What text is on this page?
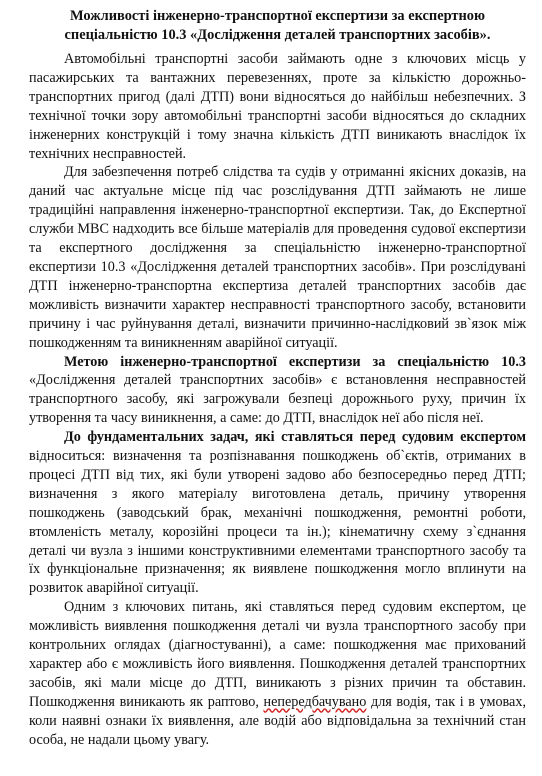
Можливості інженерно-транспортної експертизи за експертною спеціальністю 10.3 «Дослідження деталей транспортних засобів».

Автомобільні транспортні засоби займають одне з ключових місць у пасажирських та вантажних перевезеннях, проте за кількістю дорожньо-транспортних пригод (далі ДТП) вони відносяться до найбільш небезпечних. З технічної точки зору автомобільні транспортні засоби відносяться до складних інженерних конструкцій і тому значна кількість ДТП виникають внаслідок їх технічних несправностей.

Для забезпечення потреб слідства та судів у отриманні якісних доказів, на даний час актуальне місце під час розслідування ДТП займають не лише традиційні направлення інженерно-транспортної експертизи. Так, до Експертної служби МВС надходить все більше матеріалів для проведення судової експертизи та експертного дослідження за спеціальністю інженерно-транспортної експертизи 10.3 «Дослідження деталей транспортних засобів». При розслідувані ДТП інженерно-транспортна експертиза деталей транспортних засобів дає можливість визначити характер несправності транспортного засобу, встановити причину і час руйнування деталі, визначити причинно-наслідковий зв`язок між пошкодженням та виникненням аварійної ситуації.

Метою інженерно-транспортної експертизи за спеціальністю 10.3 «Дослідження деталей транспортних засобів» є встановлення несправностей транспортного засобу, які загрожували безпеці дорожнього руху, причин їх утворення та часу виникнення, а саме: до ДТП, внаслідок неї або після неї.

До фундаментальних задач, які ставляться перед судовим експертом відноситься: визначення та розпізнавання пошкоджень об`єктів, отриманих в процесі ДТП від тих, які були утворені задово або безпосередньо перед ДТП; визначення з якого матеріалу виготовлена деталь, причину утворення пошкоджень (заводський брак, механічні пошкодження, ремонтні роботи, втомленість металу, корозійні процеси та ін.); кінематичну схему з`єднання деталі чи вузла з іншими конструктивними елементами транспортного засобу та їх функціональне призначення; як виявлене пошкодження могло вплинути на розвиток аварійної ситуації.

Одним з ключових питань, які ставляться перед судовим експертом, це можливість виявлення пошкодження деталі чи вузла транспортного засобу при контрольних оглядах (діагностуванні), а саме: пошкодження має прихований характер або є можливість його виявлення. Пошкодження деталей транспортних засобів, які мали місце до ДТП, виникають з різних причин та обставин. Пошкодження виникають як раптово, непередбачувано для водія, так і в умовах, коли наявні ознаки їх виявлення, але водій або відповідальна за технічний стан особа, не надали цьому увагу.
